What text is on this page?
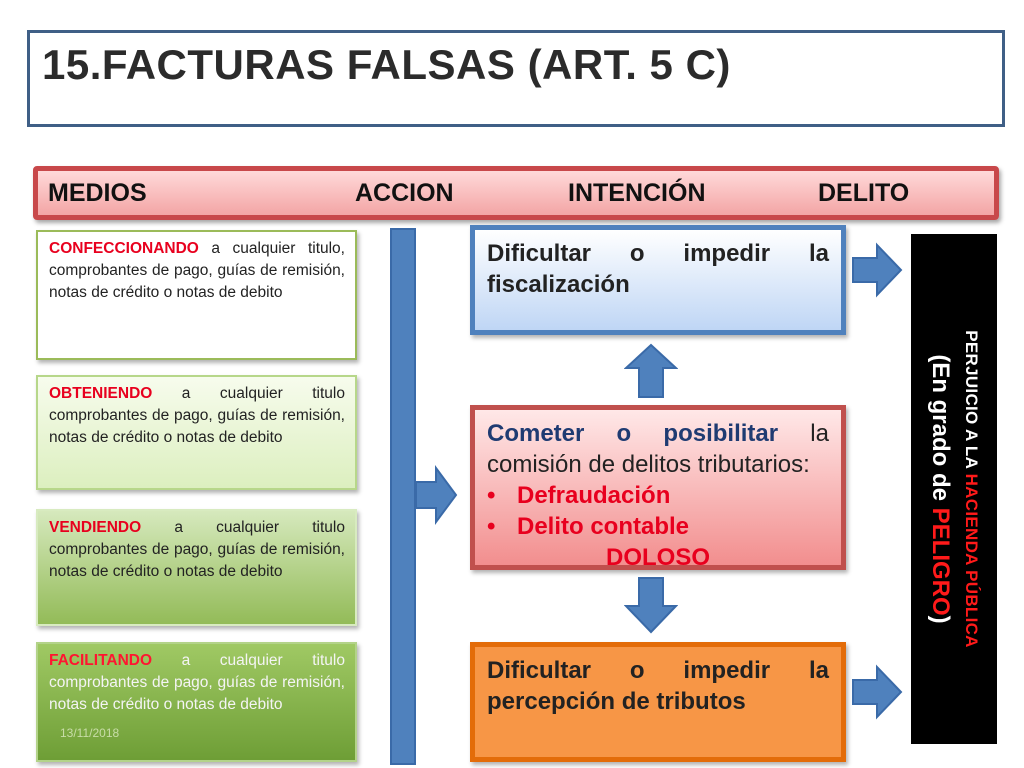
15.FACTURAS FALSAS (ART. 5 C)
MEDIOS	ACCION	INTENCIÓN	DELITO
CONFECCIONANDO a cualquier titulo, comprobantes de pago, guías de remisión, notas de crédito o notas de debito
OBTENIENDO a cualquier titulo comprobantes de pago, guías de remisión, notas de crédito o notas de debito
VENDIENDO a cualquier titulo comprobantes de pago, guías de remisión, notas de crédito o notas de debito
FACILITANDO a cualquier titulo comprobantes de pago, guías de remisión, notas de crédito o notas de debito
13/11/2018
Dificultar o impedir la
fiscalización
Cometer o posibilitar la
comisión de delitos tributarios:
• Defraudación
• Delito contable
DOLOSO
Dificultar o impedir la
percepción de tributos
PERJUICIO A LA HACIENDA PÚBLICA
(En grado de PELIGRO)
